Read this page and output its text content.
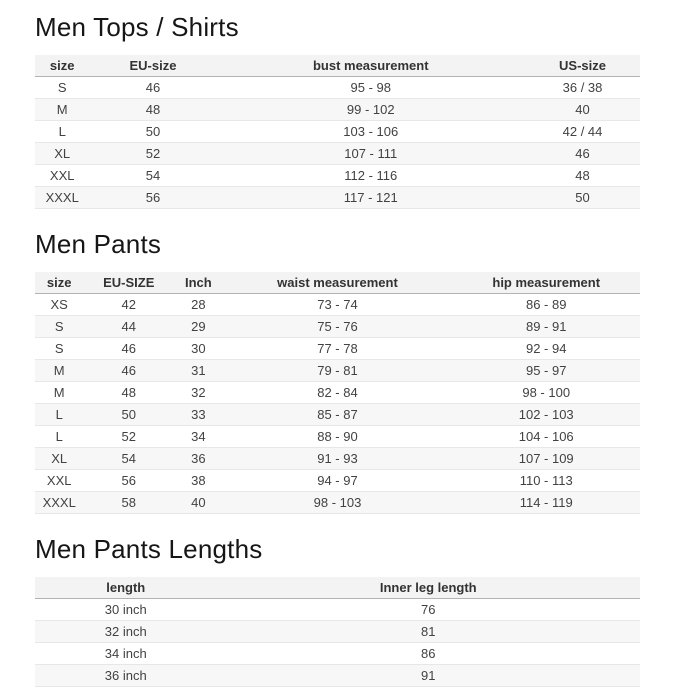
Men Tops / Shirts
size	EU-size	bust measurement	US-size
S	46	95 - 98	36 / 38
M	48	99 - 102	40
L	50	103 - 106	42 / 44
XL	52	107 - 111	46
XXL	54	112 - 116	48
XXXL	56	117 - 121	50
Men Pants
size	EU-SIZE	Inch	waist measurement	hip measurement
XS	42	28	73 - 74	86 - 89
S	44	29	75 - 76	89 - 91
S	46	30	77 - 78	92 - 94
M	46	31	79 - 81	95 - 97
M	48	32	82 - 84	98 - 100
L	50	33	85 - 87	102 - 103
L	52	34	88 - 90	104 - 106
XL	54	36	91 - 93	107 - 109
XXL	56	38	94 - 97	110 - 113
XXXL	58	40	98 - 103	114 - 119
Men Pants Lengths
length	Inner leg length
30 inch	76
32 inch	81
34 inch	86
36 inch	91
